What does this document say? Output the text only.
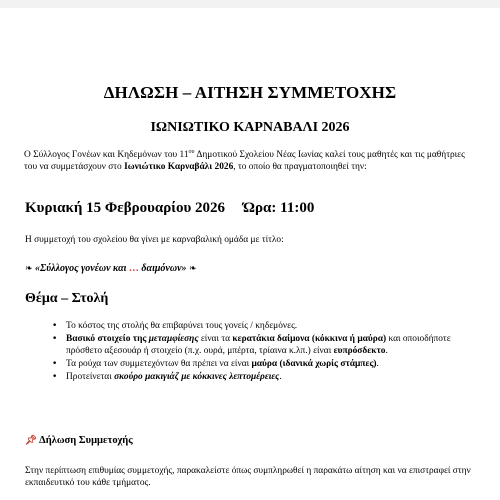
ΔΗΛΩΣΗ – ΑΙΤΗΣΗ ΣΥΜΜΕΤΟΧΗΣ
ΙΩΝΙΩΤΙΚΟ ΚΑΡΝΑΒΑΛΙ 2026
Ο Σύλλογος Γονέων και Κηδεμόνων του $11^{o\upsilon}$ Δημοτικού Σχολείου Νέας Ιωνίας καλεί τους μαθητές και τις μαθήτριες του να συμμετάσχουν στο Ιωνιώτικο Καρναβάλι 2026, το οποίο θα πραγματοποιηθεί την:
Κυριακή 15 Φεβρουαρίου 2026 Ώρα: 11:00
Η συμμετοχή του σχολείου θα γίνει με καρναβαλική ομάδα με τίτλο:
❧ «Σύλλογος γονέων και … δαιμόνων» ❧
Θέμα – Στολή
• Το κόστος της στολής θα επιβαρύνει τους γονείς / κηδεμόνες.
• Βασικό στοιχείο της μεταμφίεσης είναι τα κερατάκια δαίμονα (κόκκινα ή μαύρα) και οποιοδήποτε πρόσθετο αξεσουάρ ή στοιχείο (π.χ. ουρά, μπέρτα, τρίαινα κ.λπ.) είναι ευπρόσδεκτο.
• Τα ρούχα των συμμετεχόντων θα πρέπει να είναι μαύρα (ιδανικά χωρίς στάμπες).
• Προτείνεται σκούρο μακιγιάζ με κόκκινες λεπτομέρειες.
📌︎ Δήλωση Συμμετοχής
Στην περίπτωση επιθυμίας συμμετοχής, παρακαλείστε όπως συμπληρωθεί η παρακάτω αίτηση και να επιστραφεί στην εκπαιδευτικό του κάθε τμήματος.
